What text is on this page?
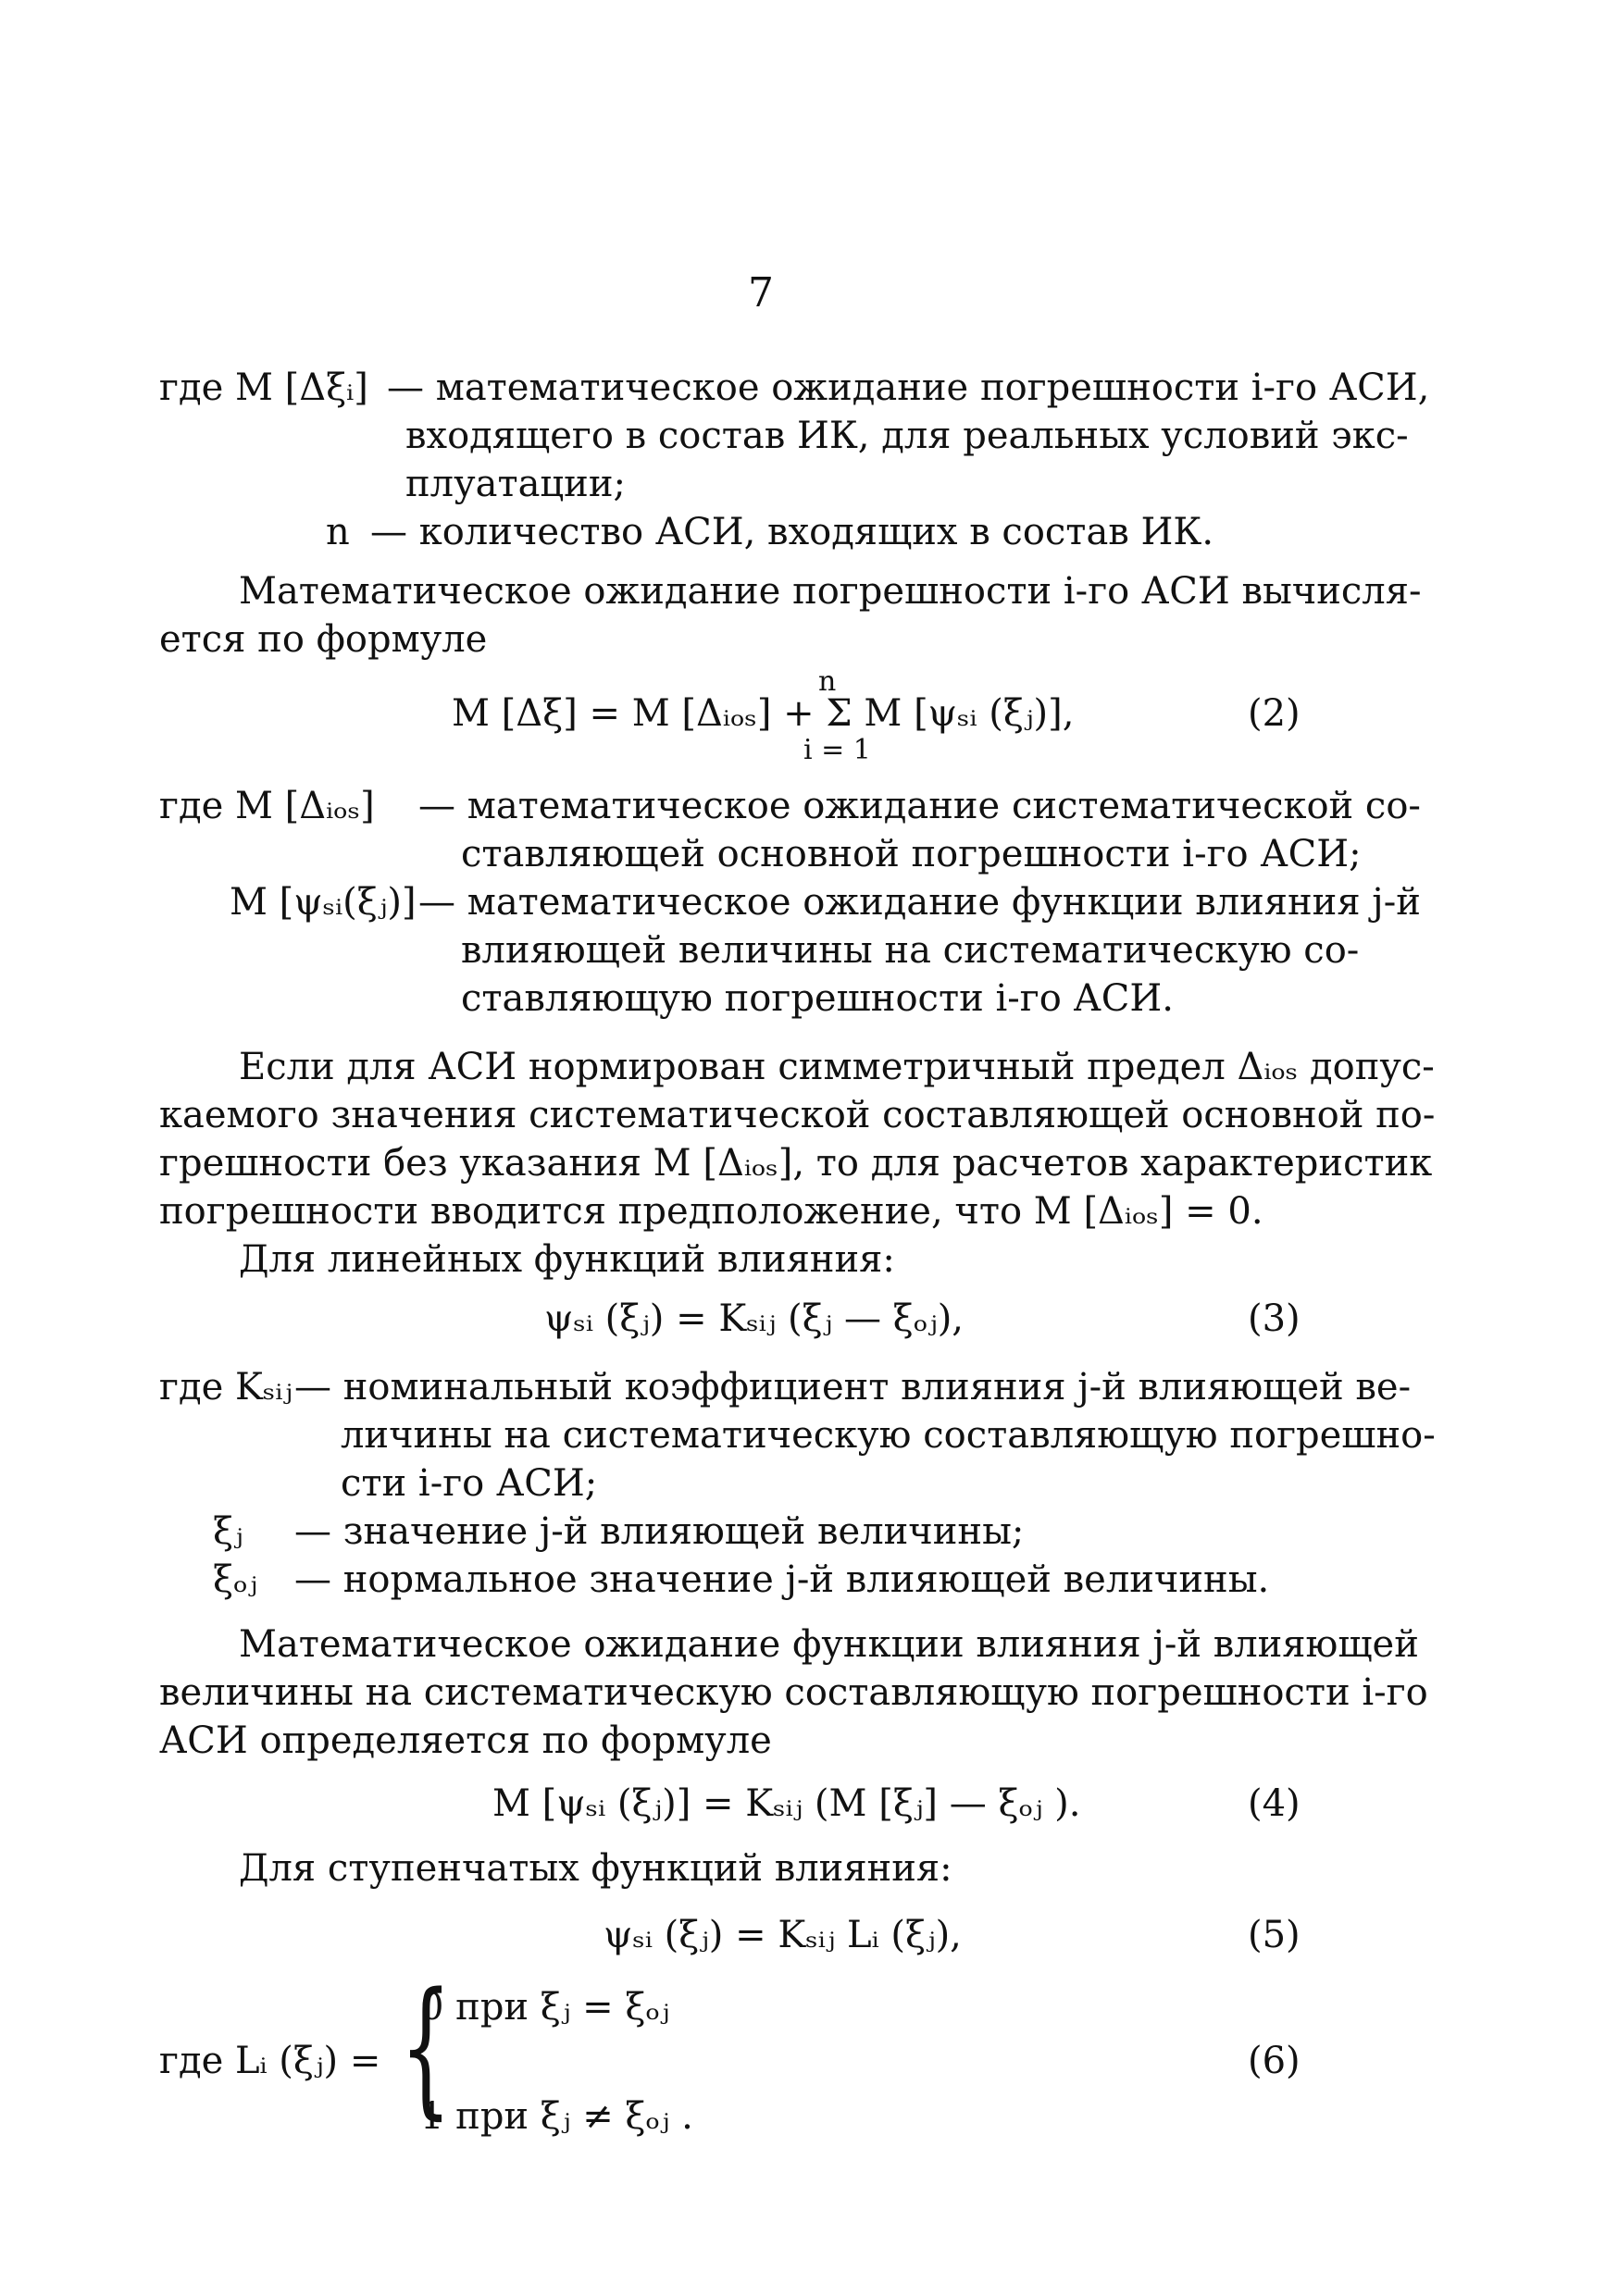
7
где M [Δξᵢ] — математическое ожидание погрешности i-го АСИ,
входящего в состав ИК, для реальных условий экс-
плуатации;
n — количество АСИ, входящих в состав ИК.
Математическое ожидание погрешности i-го АСИ вычисля-
ется по формуле
n
M [Δξ] = M [Δᵢₒₛ] + Σ M [ψₛᵢ (ξⱼ)],
i = 1
(2)
где M [Δᵢₒₛ] — математическое ожидание систематической со-
ставляющей основной погрешности i-го АСИ;
M [ψₛᵢ(ξⱼ)] — математическое ожидание функции влияния j-й
влияющей величины на систематическую со-
ставляющую погрешности i-го АСИ.
Если для АСИ нормирован симметричный предел Δᵢₒₛ допус-
каемого значения систематической составляющей основной по-
грешности без указания M [Δᵢₒₛ], то для расчетов характеристик
погрешности вводится предположение, что M [Δᵢₒₛ] = 0.
Для линейных функций влияния:
ψₛᵢ (ξⱼ) = Kₛᵢⱼ (ξⱼ — ξₒⱼ),	(3)
где Kₛᵢⱼ — номинальный коэффициент влияния j-й влияющей ве-
личины на систематическую составляющую погрешно-
сти i-го АСИ;
ξⱼ — значение j-й влияющей величины;
ξₒⱼ — нормальное значение j-й влияющей величины.
Математическое ожидание функции влияния j-й влияющей
величины на систематическую составляющую погрешности i-го
АСИ определяется по формуле
M [ψₛᵢ (ξⱼ)] = Kₛᵢⱼ (M [ξⱼ] — ξₒⱼ ).	(4)
Для ступенчатых функций влияния:
ψₛᵢ (ξⱼ) = Kₛᵢⱼ Lᵢ (ξⱼ),	(5)
где Lᵢ (ξⱼ) = {
0 при ξⱼ = ξₒⱼ
1 при ξⱼ ≠ ξₒⱼ .
(6)
